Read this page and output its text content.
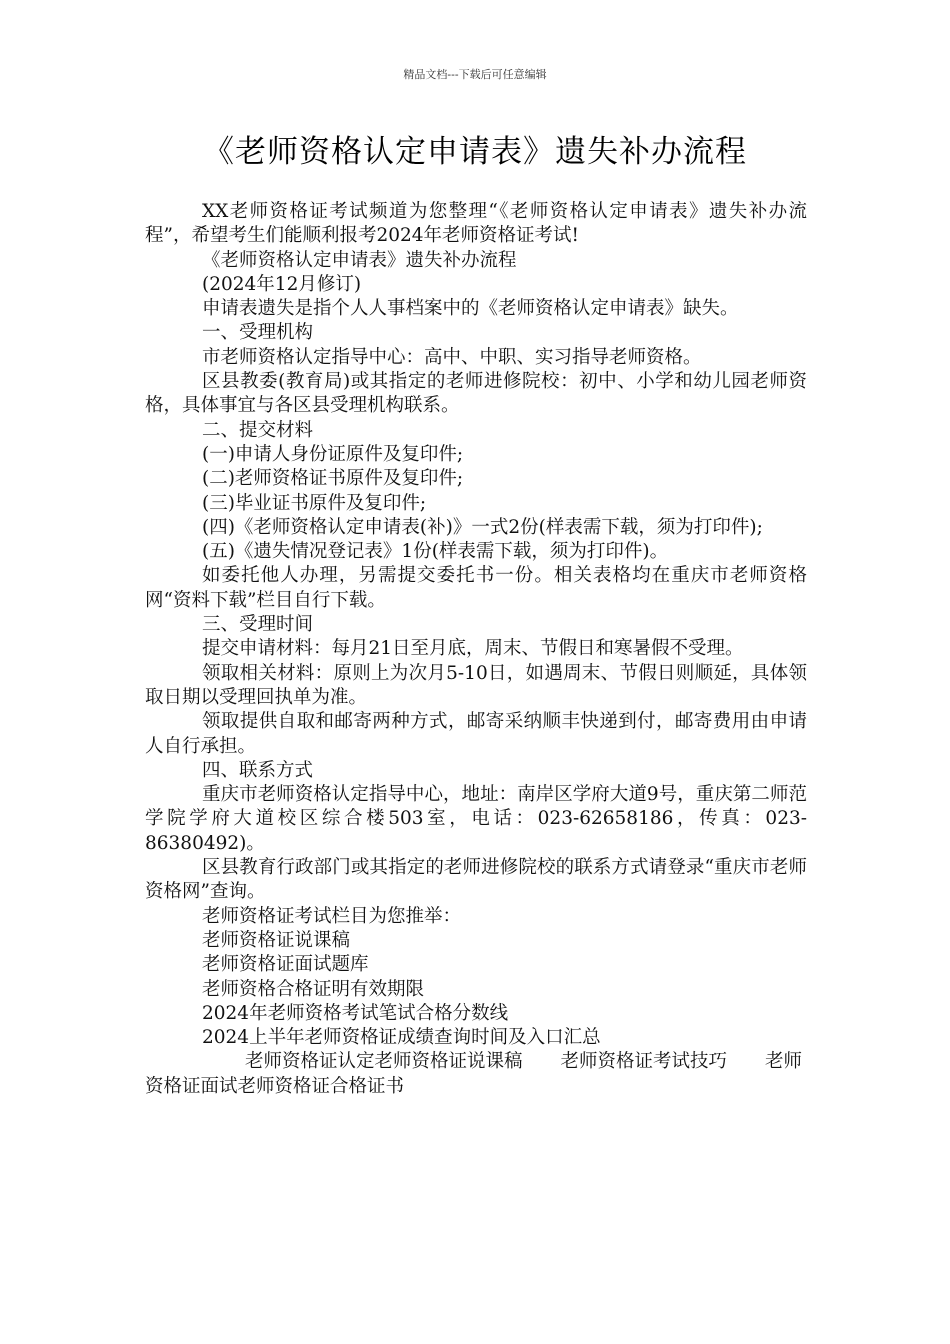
精品文档---下载后可任意编辑
《老师资格认定申请表》遗失补办流程

XX老师资格证考试频道为您整理“《老师资格认定申请表》遗失补办流程”，希望考生们能顺利报考2024年老师资格证考试!

《老师资格认定申请表》遗失补办流程

(2024年12月修订)

申请表遗失是指个人人事档案中的《老师资格认定申请表》缺失。

一、受理机构

市老师资格认定指导中心：高中、中职、实习指导老师资格。

区县教委(教育局)或其指定的老师进修院校：初中、小学和幼儿园老师资格，具体事宜与各区县受理机构联系。

二、提交材料

(一)申请人身份证原件及复印件;

(二)老师资格证书原件及复印件;

(三)毕业证书原件及复印件;

(四)《老师资格认定申请表(补)》一式2份(样表需下载，须为打印件);

(五)《遗失情况登记表》1份(样表需下载，须为打印件)。

如委托他人办理，另需提交委托书一份。相关表格均在重庆市老师资格网“资料下载”栏目自行下载。

三、受理时间

提交申请材料：每月21日至月底，周末、节假日和寒暑假不受理。

领取相关材料：原则上为次月5-10日，如遇周末、节假日则顺延，具体领取日期以受理回执单为准。

领取提供自取和邮寄两种方式，邮寄采纳顺丰快递到付，邮寄费用由申请人自行承担。

四、联系方式

重庆市老师资格认定指导中心，地址：南岸区学府大道9号，重庆第二师范学院学府大道校区综合楼503室，电话：023-62658186，传真：023-86380492)。

区县教育行政部门或其指定的老师进修院校的联系方式请登录“重庆市老师资格网”查询。

老师资格证考试栏目为您推举：

老师资格证说课稿

老师资格证面试题库

老师资格合格证明有效期限

2024年老师资格考试笔试合格分数线

2024上半年老师资格证成绩查询时间及入口汇总

老师资格证认定老师资格证说课稿 老师资格证考试技巧 老师资格证面试老师资格证合格证书
